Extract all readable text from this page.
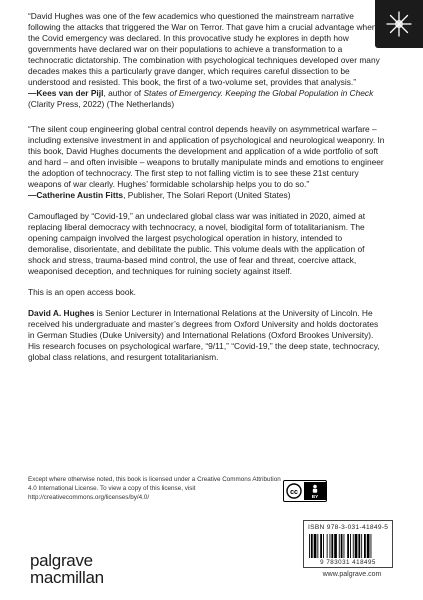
“David Hughes was one of the few academics who questioned the mainstream narrative following the attacks that triggered the War on Terror. That gave him a crucial advantage when the Covid emergency was declared. In this provocative study he explores in depth how governments have declared war on their populations to achieve a transformation to a technocratic dictatorship. The combination with psychological techniques developed over many decades makes this a particularly grave danger, which requires careful dissection to be understood and resisted. This book, the first of a two-volume set, provides that analysis.”
—Kees van der Pijl, author of States of Emergency. Keeping the Global Population in Check (Clarity Press, 2022) (The Netherlands)

“The silent coup engineering global central control depends heavily on asymmetrical warfare – including extensive investment in and application of psychological and neurological weaponry. In this book, David Hughes documents the development and application of a wide portfolio of soft and hard – and often invisible – weapons to brutally manipulate minds and emotions to engineer the adoption of technocracy. The first step to not falling victim is to see these 21st century weapons of war clearly. Hughes’ formidable scholarship helps you to do so.”
—Catherine Austin Fitts, Publisher, The Solari Report (United States)

Camouflaged by “Covid-19,” an undeclared global class war was initiated in 2020, aimed at replacing liberal democracy with technocracy, a novel, biodigital form of totalitarianism. The opening campaign involved the largest psychological operation in history, intended to demoralise, disorientate, and debilitate the public. This volume deals with the application of shock and stress, trauma-based mind control, the use of fear and threat, coercive attack, weaponised deception, and techniques for ruining society against itself.

This is an open access book.

David A. Hughes is Senior Lecturer in International Relations at the University of Lincoln. He received his undergraduate and master’s degrees from Oxford University and holds doctorates in German Studies (Duke University) and International Relations (Oxford Brookes University). His research focuses on psychological warfare, “9/11,” “Covid-19,” the deep state, technocracy, global class relations, and resurgent totalitarianism.

Except where otherwise noted, this book is licensed under a Creative Commons Attribution 4.0 International License. To view a copy of this license, visit http://creativecommons.org/licenses/by/4.0/
cc
BY
ISBN 978-3-031-41849-5
9 783031 418495
palgrave
macmillan	www.palgrave.com
